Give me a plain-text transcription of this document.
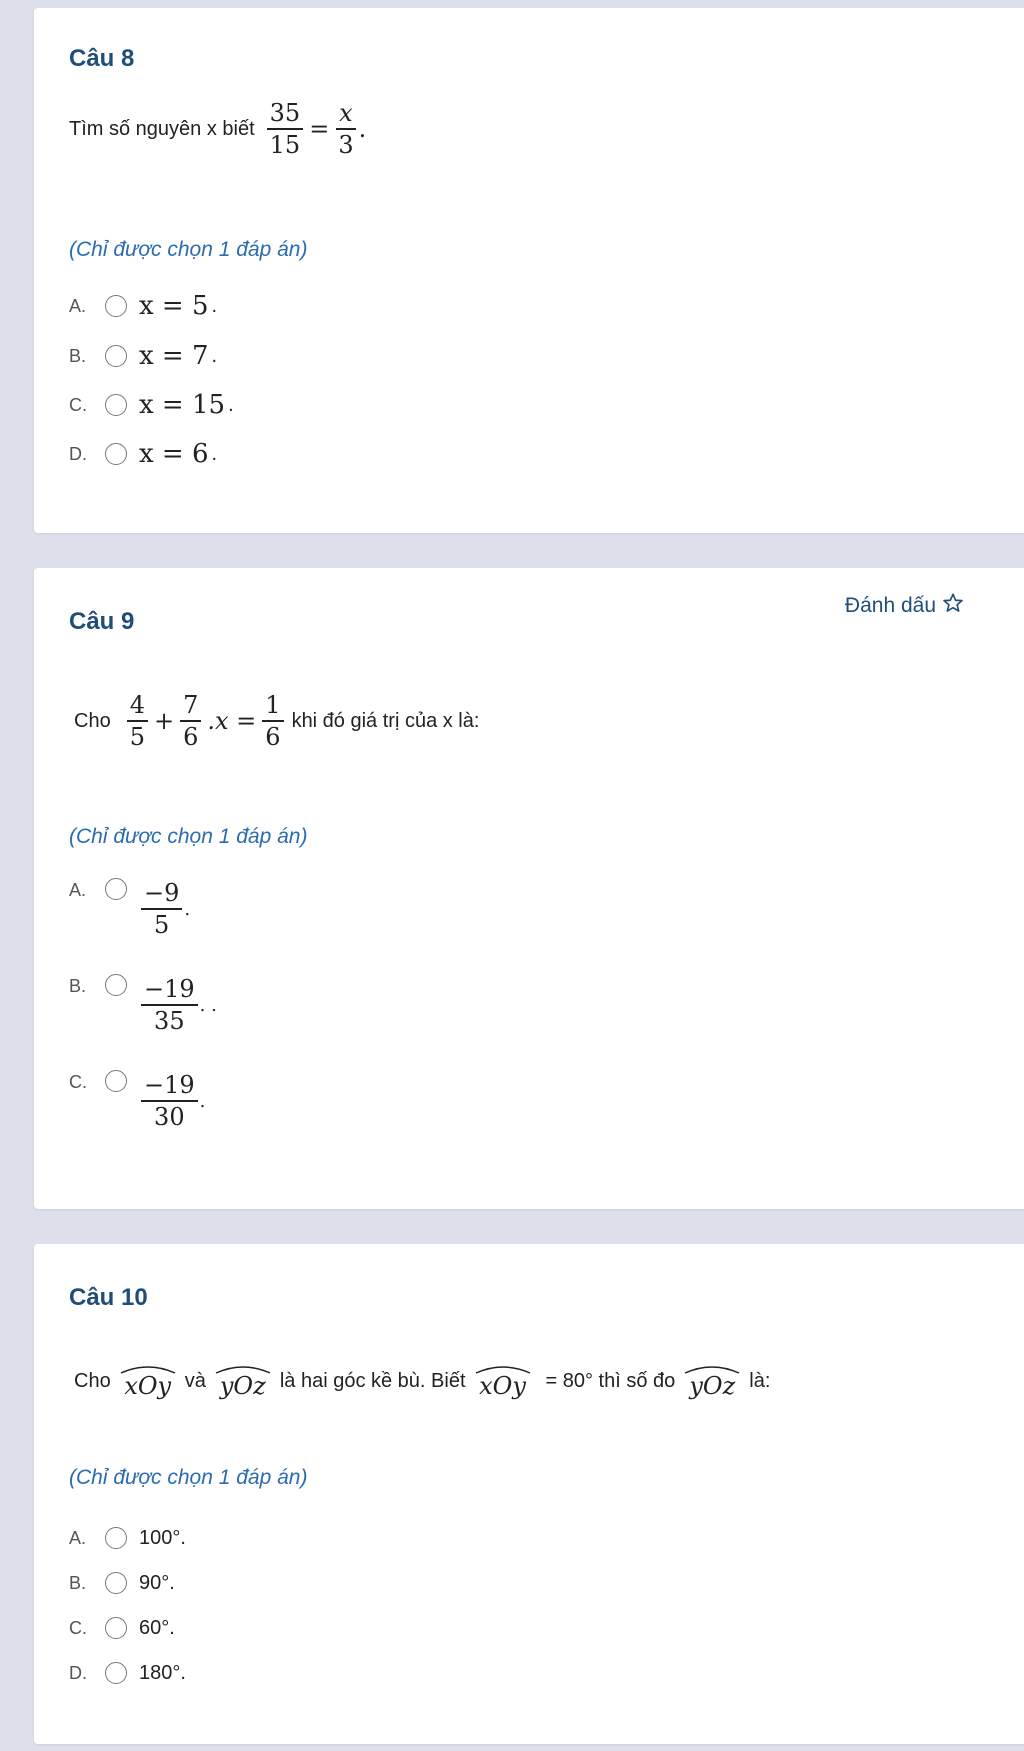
Câu 8
Tìm số nguyên x biết $\frac{35}{15} = \frac{x}{3}$ .
(Chỉ được chọn 1 đáp án)
A.	x = 5 .
B.	x = 7 .
C.	x = 15 .
D.	x = 6 .
Câu 9
Đánh dấu
Cho $\frac{4}{5} + \frac{7}{6} .x = \frac{1}{6}$ khi đó giá trị của x là:
(Chỉ được chọn 1 đáp án)
A.	$\frac{-9}{5}$ .
B.	$\frac{-19}{35}$ . .
C.	$\frac{-19}{30}$ .
Câu 10
Cho xOy và yOz là hai góc kề bù. Biết xOy = 80° thì số đo yOz là:
(Chỉ được chọn 1 đáp án)
A.	100°.
B.	90°.
C.	60°.
D.	180°.
